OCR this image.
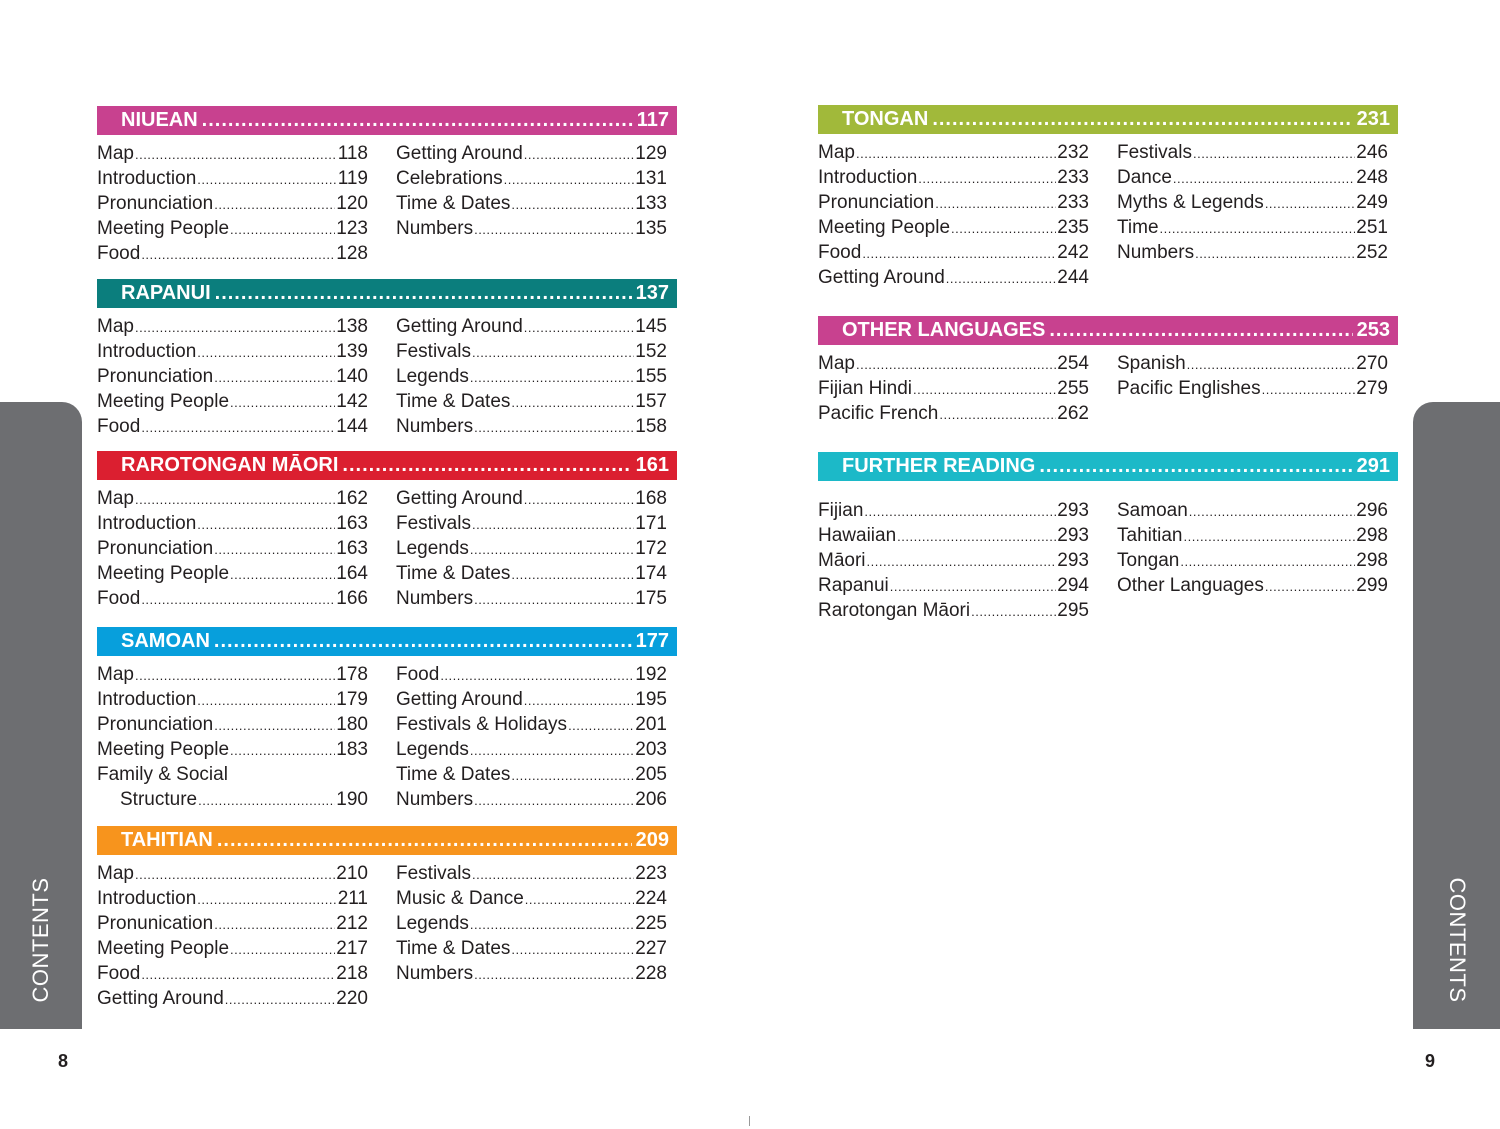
CONTENTS	CONTENTS
8	9
NIUEAN .....	117
Map .....	118
Introduction .....	119
Pronunciation .....	120
Meeting People .....	123
Food .....	128
Getting Around .....	129
Celebrations .....	131
Time & Dates .....	133
Numbers .....	135
RAPANUI .....	137
Map .....	138
Introduction .....	139
Pronunciation .....	140
Meeting People .....	142
Food .....	144
Getting Around .....	145
Festivals .....	152
Legends .....	155
Time & Dates .....	157
Numbers .....	158
RAROTONGAN MĀORI .....	161
Map .....	162
Introduction .....	163
Pronunciation .....	163
Meeting People .....	164
Food .....	166
Getting Around .....	168
Festivals .....	171
Legends .....	172
Time & Dates .....	174
Numbers .....	175
SAMOAN .....	177
Map .....	178
Introduction .....	179
Pronunciation .....	180
Meeting People .....	183
Family & Social
Structure .....	190
Food .....	192
Getting Around .....	195
Festivals & Holidays .....	201
Legends .....	203
Time & Dates .....	205
Numbers .....	206
TAHITIAN .....	209
Map .....	210
Introduction .....	211
Pronunication .....	212
Meeting People .....	217
Food .....	218
Getting Around .....	220
Festivals .....	223
Music & Dance .....	224
Legends .....	225
Time & Dates .....	227
Numbers .....	228
TONGAN .....	231
Map .....	232
Introduction .....	233
Pronunciation .....	233
Meeting People .....	235
Food .....	242
Getting Around .....	244
Festivals .....	246
Dance .....	248
Myths & Legends .....	249
Time .....	251
Numbers .....	252
OTHER LANGUAGES .....	253
Map .....	254
Fijian Hindi .....	255
Pacific French .....	262
Spanish .....	270
Pacific Englishes .....	279
FURTHER READING .....	291
Fijian .....	293
Hawaiian .....	293
Māori .....	293
Rapanui .....	294
Rarotongan Māori .....	295
Samoan .....	296
Tahitian .....	298
Tongan .....	298
Other Languages .....	299
